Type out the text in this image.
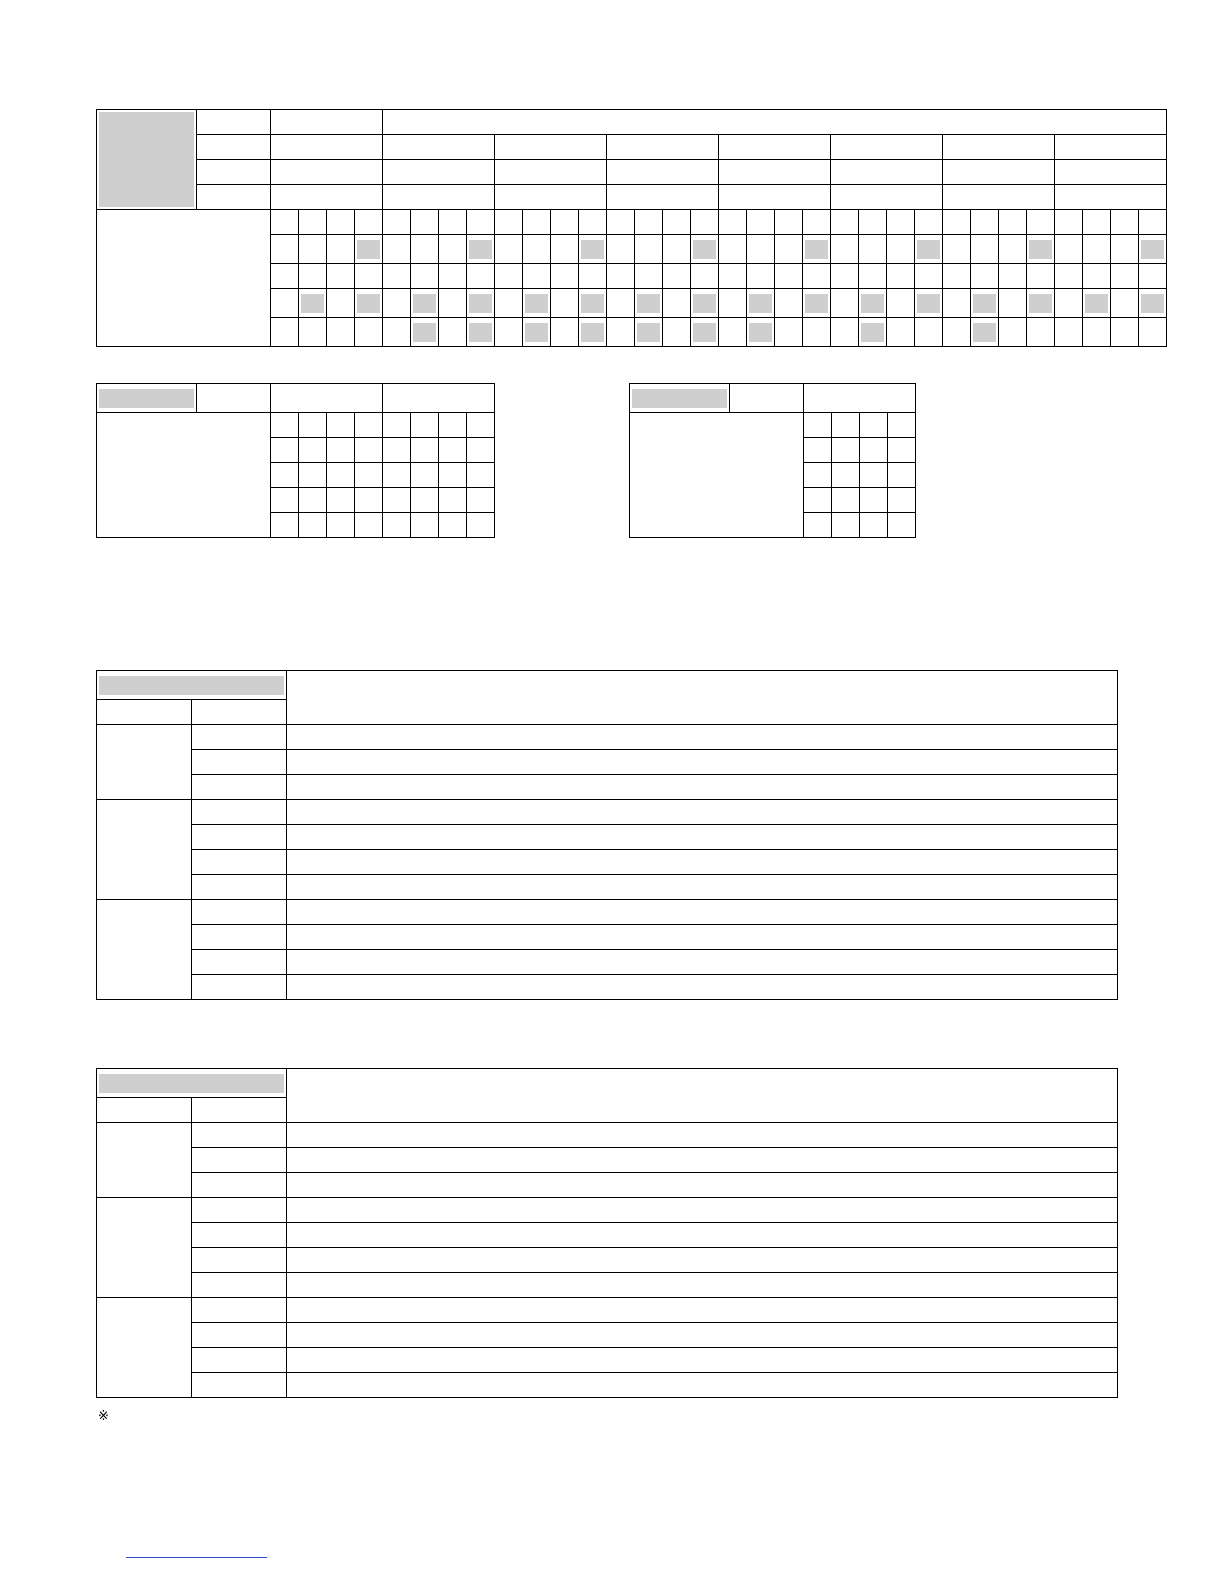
※
